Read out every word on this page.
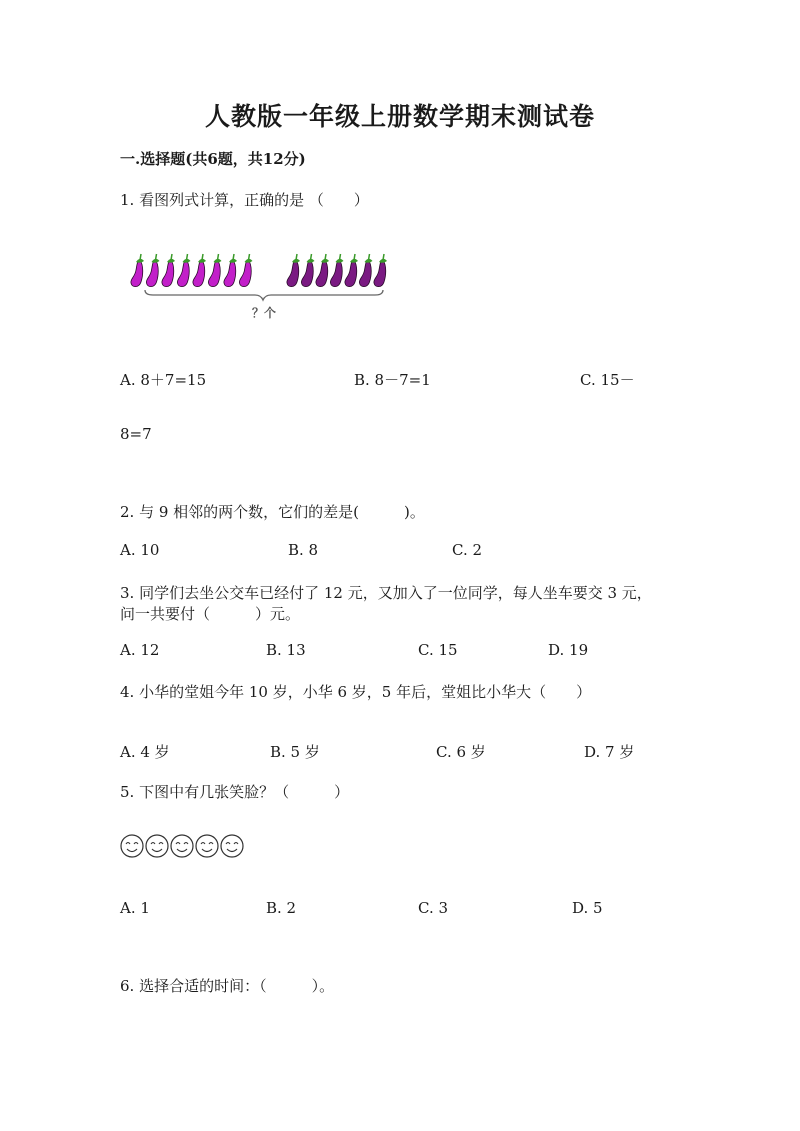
人教版一年级上册数学期末测试卷
一.选择题(共6题，共12分)
1. 看图列式计算，正确的是 （　　）
？个
A. 8＋7=15	B. 8－7=1	C. 15－
8=7
2. 与 9 相邻的两个数，它们的差是(　　　)。
A. 10	B. 8	C. 2
3. 同学们去坐公交车已经付了 12 元，又加入了一位同学，每人坐车要交 3 元，
问一共要付（　　　）元。
A. 12	B. 13	C. 15	D. 19
4. 小华的堂姐今年 10 岁，小华 6 岁，5 年后，堂姐比小华大（　　）
A. 4 岁	B. 5 岁	C. 6 岁	D. 7 岁
5. 下图中有几张笑脸？（　　　）
A. 1	B. 2	C. 3	D. 5
6. 选择合适的时间：（　　　）。
